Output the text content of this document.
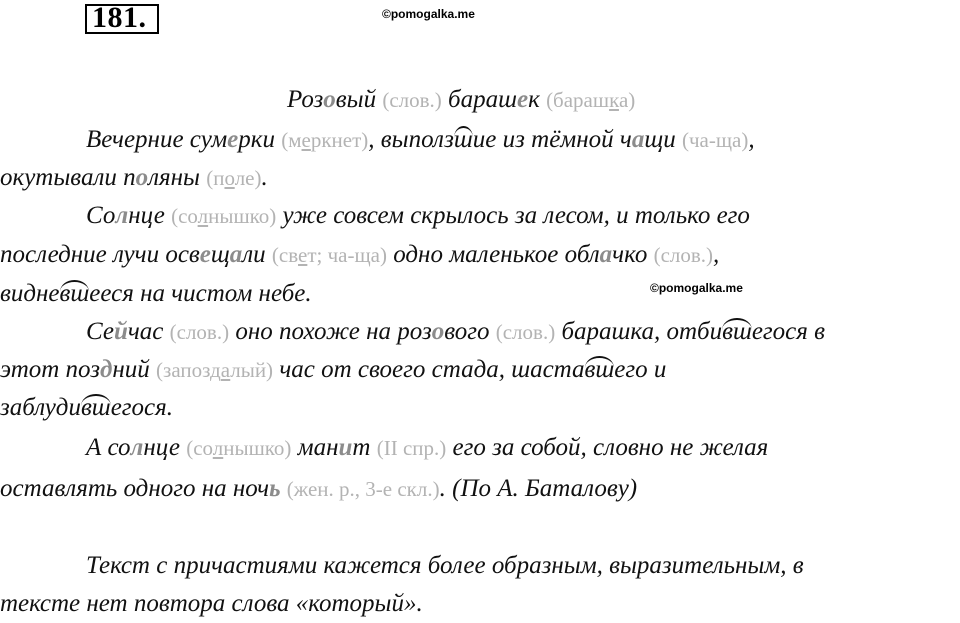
181.	©pomogalka.me
©pomogalka.me
Розовый (слов.) барашек (барашка)
Вечерние сумерки (меркнет), выползшие из тёмной чащи (ча-ща),
окутывали поляны (поле).
Солнце (солнышко) уже совсем скрылось за лесом, и только его
последние лучи освещали (свет; ча-ща) одно маленькое облачко (слов.),
видневшееся на чистом небе.
Сейчас (слов.) оно похоже на розового (слов.) барашка, отбившегося в
этот поздний (запоздалый) час от своего стада, шаставшего и
заблудившегося.
А солнце (солнышко) манит (II спр.) его за собой, словно не желая
оставлять одного на ночь (жен. р., 3-е скл.). (По А. Баталову)
Текст с причастиями кажется более образным, выразительным, в
тексте нет повтора слова «который».
